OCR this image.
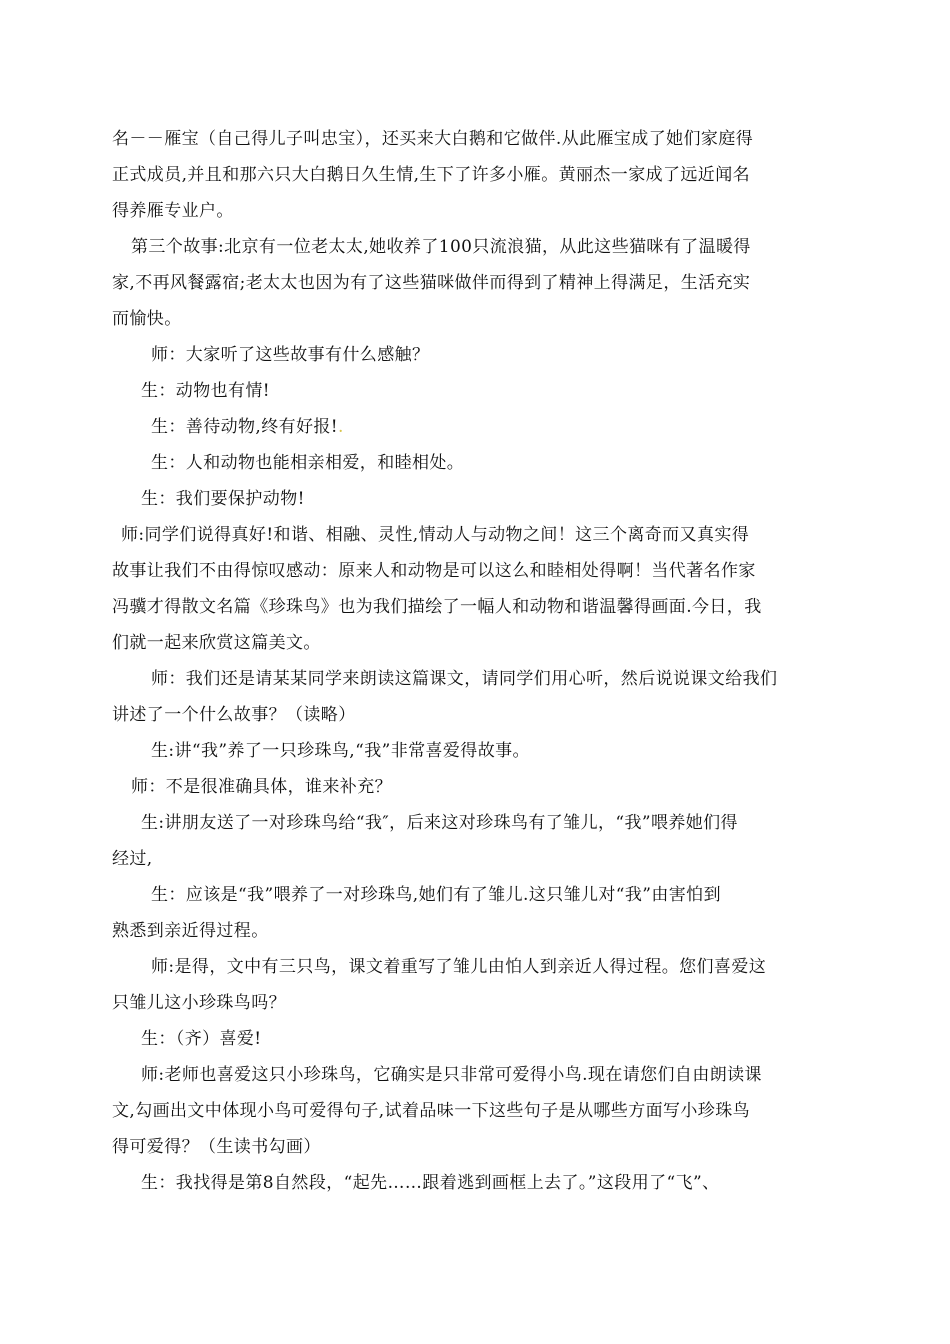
名－－雁宝（自己得儿子叫忠宝），还买来大白鹅和它做伴.从此雁宝成了她们家庭得
正式成员,并且和那六只大白鹅日久生情,生下了许多小雁。黄丽杰一家成了远近闻名
得养雁专业户。
第三个故事:北京有一位老太太,她收养了100只流浪猫，从此这些猫咪有了温暖得
家,不再风餐露宿;老太太也因为有了这些猫咪做伴而得到了精神上得满足，生活充实
而愉快。
师：大家听了这些故事有什么感触？
生：动物也有情!
生：善待动物,终有好报!.
生：人和动物也能相亲相爱，和睦相处。
生：我们要保护动物!
师:同学们说得真好!和谐、相融、灵性,情动人与动物之间！这三个离奇而又真实得
故事让我们不由得惊叹感动：原来人和动物是可以这么和睦相处得啊！当代著名作家
冯骥才得散文名篇《珍珠鸟》也为我们描绘了一幅人和动物和谐温馨得画面.今日，我
们就一起来欣赏这篇美文。
师：我们还是请某某同学来朗读这篇课文，请同学们用心听，然后说说课文给我们
讲述了一个什么故事？（读略）
生:讲“我”养了一只珍珠鸟,“我”非常喜爱得故事。
师：不是很准确具体，谁来补充？
生:讲朋友送了一对珍珠鸟给“我″，后来这对珍珠鸟有了雏儿，“我”喂养她们得
经过,
生：应该是“我”喂养了一对珍珠鸟,她们有了雏儿.这只雏儿对“我”由害怕到
熟悉到亲近得过程。
师:是得，文中有三只鸟，课文着重写了雏儿由怕人到亲近人得过程。您们喜爱这
只雏儿这小珍珠鸟吗？
生：（齐）喜爱!
师:老师也喜爱这只小珍珠鸟，它确实是只非常可爱得小鸟.现在请您们自由朗读课
文,勾画出文中体现小鸟可爱得句子,试着品味一下这些句子是从哪些方面写小珍珠鸟
得可爱得？（生读书勾画）
生：我找得是第8自然段，“起先……跟着逃到画框上去了。”这段用了“飞”、
